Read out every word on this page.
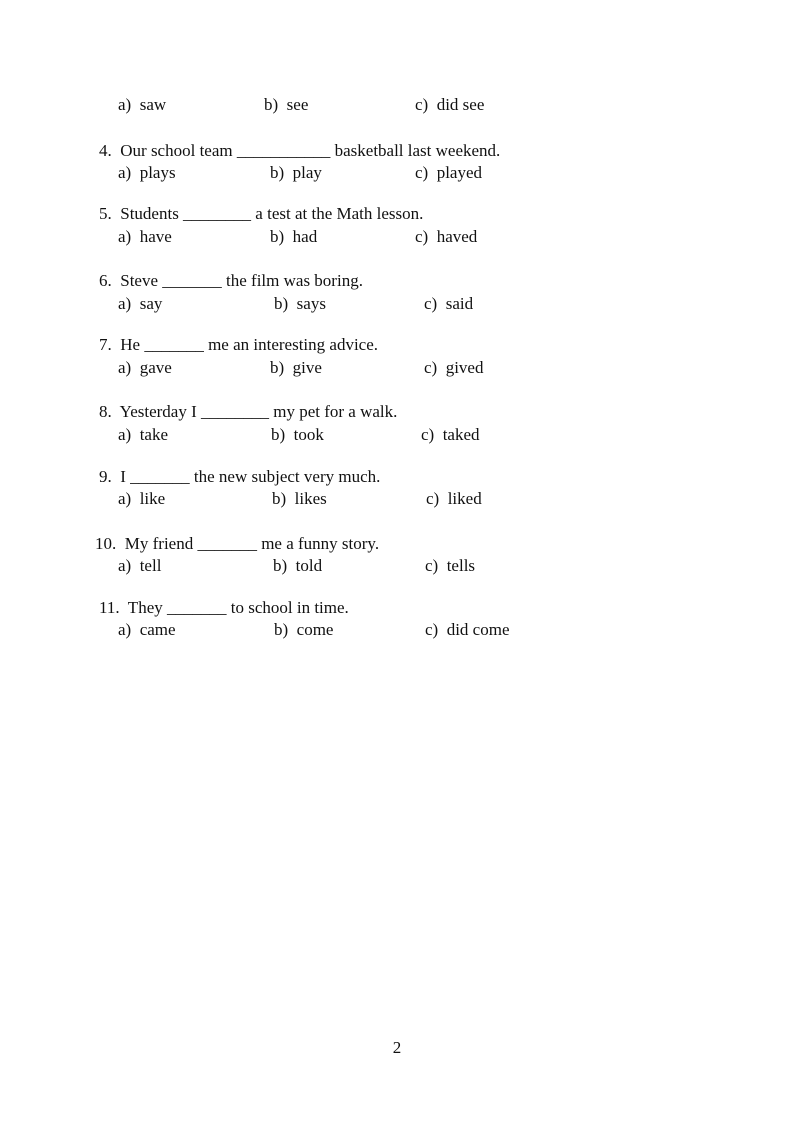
a)  saw	b)  see	c)  did see
4.  Our school team ___________ basketball last weekend.
a)  plays	b)  play	c)  played
5.  Students ________ a test at the Math lesson.
a)  have	b)  had	c)  haved
6.  Steve _______ the film was boring.
a)  say	b)  says	c)  said
7.  He _______ me an interesting advice.
a)  gave	b)  give	c)  gived
8.  Yesterday I ________ my pet for a walk.
a)  take	b)  took	c)  taked
9.  I _______ the new subject very much.
a)  like	b)  likes	c)  liked
10.  My friend _______ me a funny story.
a)  tell	b)  told	c)  tells
11.  They _______ to school in time.
a)  came	b)  come	c)  did come
2
